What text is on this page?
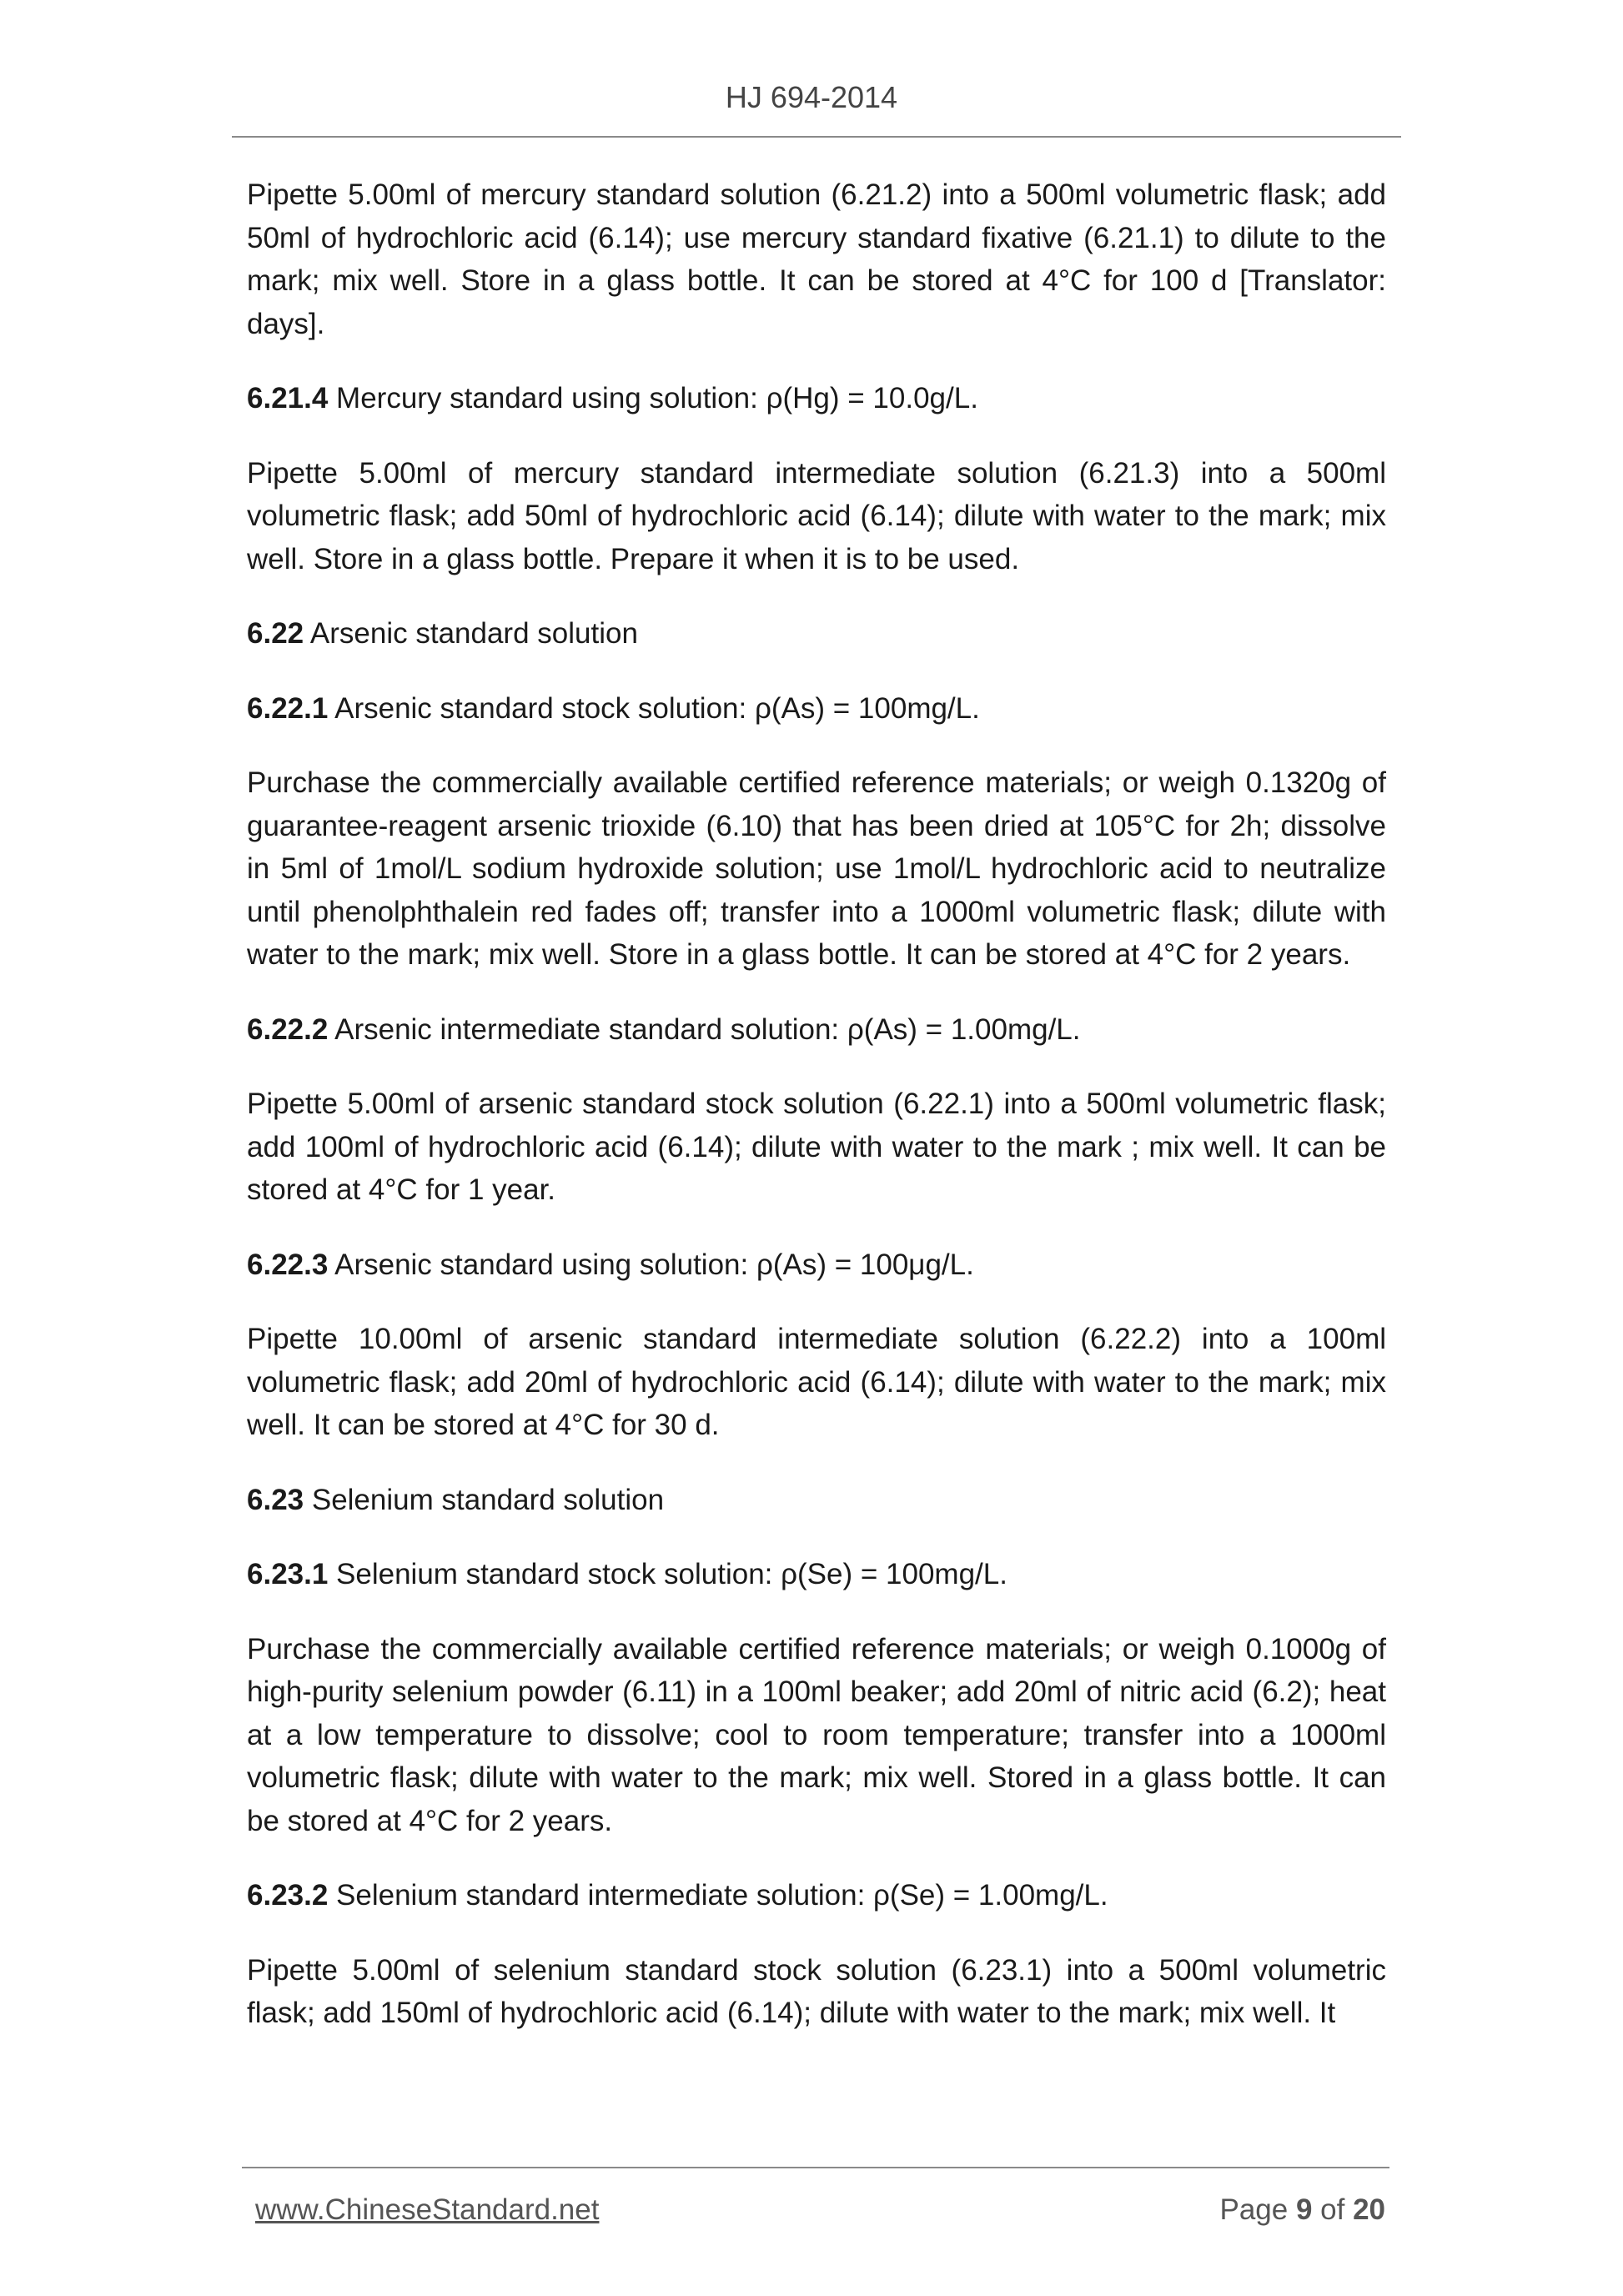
HJ 694-2014

Pipette 5.00ml of mercury standard solution (6.21.2) into a 500ml volumetric flask; add 50ml of hydrochloric acid (6.14); use mercury standard fixative (6.21.1) to dilute to the mark; mix well. Store in a glass bottle. It can be stored at 4°C for 100 d [Translator: days].

6.21.4 Mercury standard using solution: ρ(Hg) = 10.0g/L.

Pipette 5.00ml of mercury standard intermediate solution (6.21.3) into a 500ml volumetric flask; add 50ml of hydrochloric acid (6.14); dilute with water to the mark; mix well. Store in a glass bottle. Prepare it when it is to be used.

6.22 Arsenic standard solution

6.22.1 Arsenic standard stock solution: ρ(As) = 100mg/L.

Purchase the commercially available certified reference materials; or weigh 0.1320g of guarantee-reagent arsenic trioxide (6.10) that has been dried at 105°C for 2h; dissolve in 5ml of 1mol/L sodium hydroxide solution; use 1mol/L hydrochloric acid to neutralize until phenolphthalein red fades off; transfer into a 1000ml volumetric flask; dilute with water to the mark; mix well. Store in a glass bottle. It can be stored at 4°C for 2 years.

6.22.2 Arsenic intermediate standard solution: ρ(As) = 1.00mg/L.

Pipette 5.00ml of arsenic standard stock solution (6.22.1) into a 500ml volumetric flask; add 100ml of hydrochloric acid (6.14); dilute with water to the mark ; mix well. It can be stored at 4°C for 1 year.

6.22.3 Arsenic standard using solution: ρ(As) = 100μg/L.

Pipette 10.00ml of arsenic standard intermediate solution (6.22.2) into a 100ml volumetric flask; add 20ml of hydrochloric acid (6.14); dilute with water to the mark; mix well. It can be stored at 4°C for 30 d.

6.23 Selenium standard solution

6.23.1 Selenium standard stock solution: ρ(Se) = 100mg/L.

Purchase the commercially available certified reference materials; or weigh 0.1000g of high-purity selenium powder (6.11) in a 100ml beaker; add 20ml of nitric acid (6.2); heat at a low temperature to dissolve; cool to room temperature; transfer into a 1000ml volumetric flask; dilute with water to the mark; mix well. Stored in a glass bottle. It can be stored at 4°C for 2 years.

6.23.2 Selenium standard intermediate solution: ρ(Se) = 1.00mg/L.

Pipette 5.00ml of selenium standard stock solution (6.23.1) into a 500ml volumetric flask; add 150ml of hydrochloric acid (6.14); dilute with water to the mark; mix well. It

www.ChineseStandard.net	Page 9 of 20
